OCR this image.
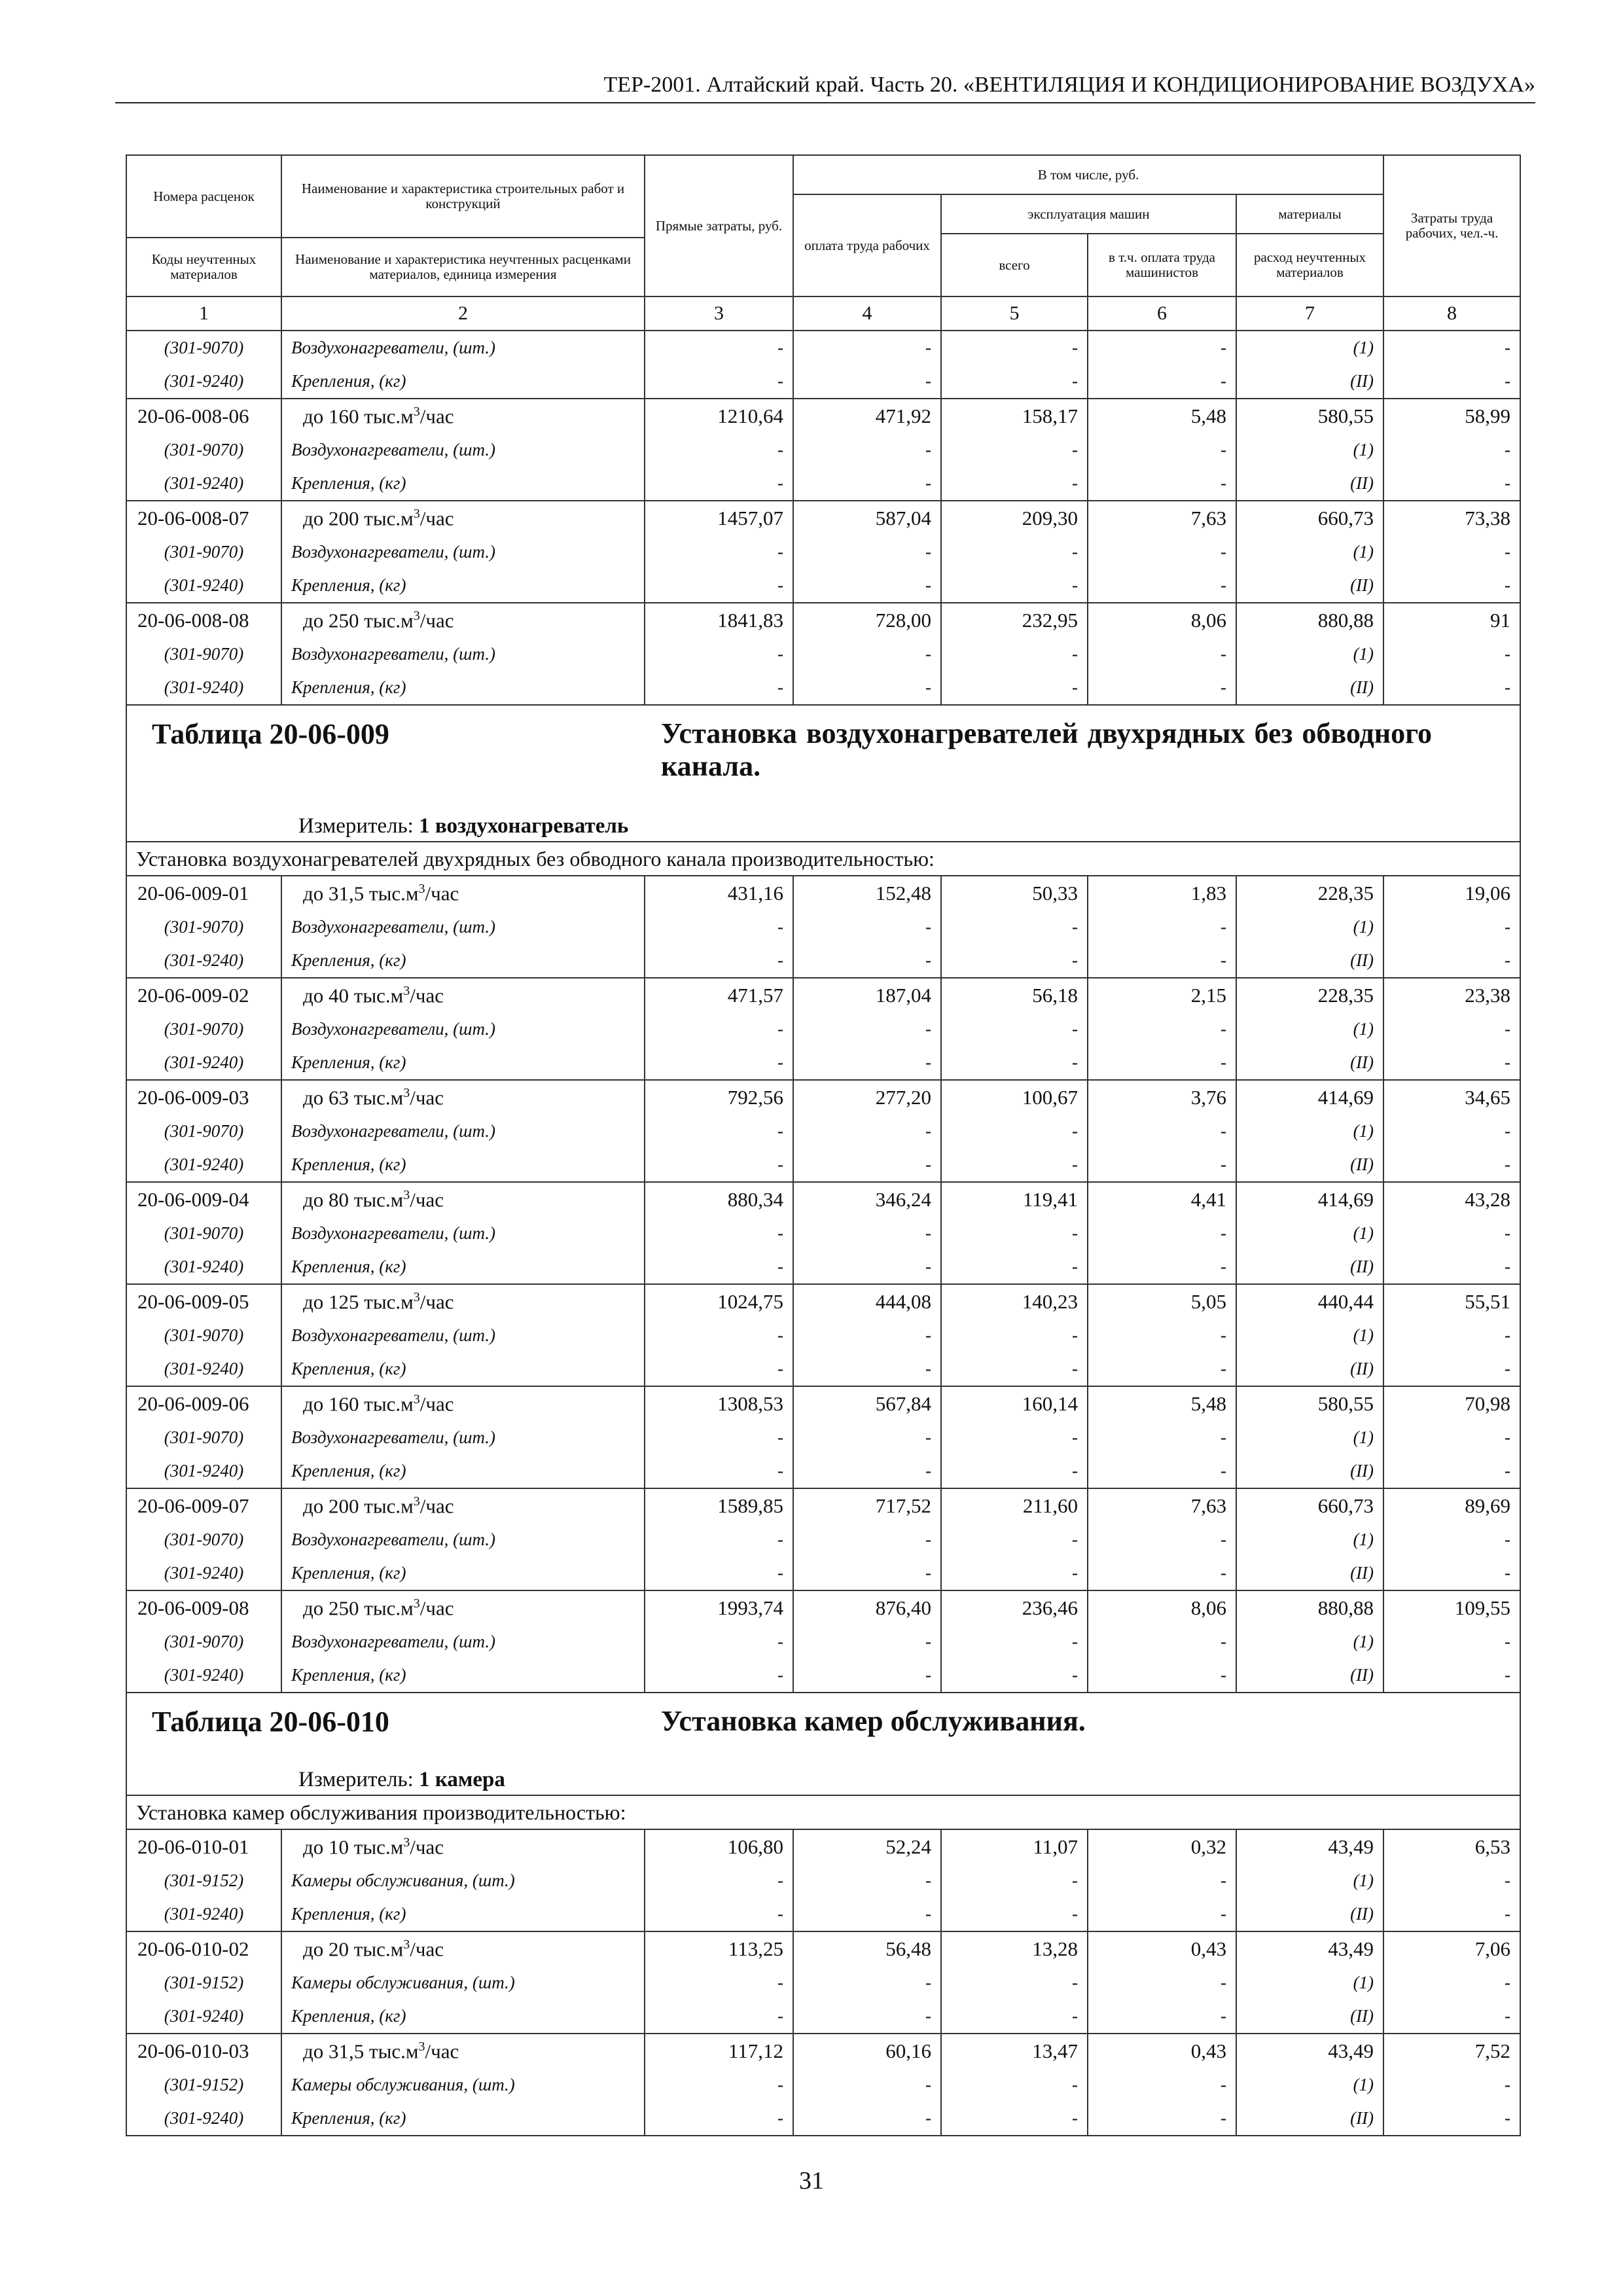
ТЕР-2001. Алтайский край. Часть 20. «ВЕНТИЛЯЦИЯ И КОНДИЦИОНИРОВАНИЕ ВОЗДУХА»
Номера расценок	Наименование и характеристика строительных работ и конструкций	Прямые затраты, руб.	В том числе, руб.				Затраты труда рабочих, чел.-ч.
			оплата труда рабочих	эксплуатация машин		материалы	
				всего	в т.ч. оплата труда машинистов	расход неучтенных материалов	
Коды неучтенных материалов	Наименование и характеристика неучтенных расценками материалов, единица измерения						
1	2	3	4	5	6	7	8
(301-9070)	Воздухонагреватели, (шт.)	-	-	-	-	(1)	-
(301-9240)	Крепления, (кг)	-	-	-	-	(II)	-
20-06-008-06	до 160 $тыс.м^3$/час	1210,64	471,92	158,17	5,48	580,55	58,99
(301-9070)	Воздухонагреватели, (шт.)	-	-	-	-	(1)	-
(301-9240)	Крепления, (кг)	-	-	-	-	(II)	-
20-06-008-07	до 200 $тыс.м^3$/час	1457,07	587,04	209,30	7,63	660,73	73,38
(301-9070)	Воздухонагреватели, (шт.)	-	-	-	-	(1)	-
(301-9240)	Крепления, (кг)	-	-	-	-	(II)	-
20-06-008-08	до 250 $тыс.м^3$/час	1841,83	728,00	232,95	8,06	880,88	91
(301-9070)	Воздухонагреватели, (шт.)	-	-	-	-	(1)	-
(301-9240)	Крепления, (кг)	-	-	-	-	(II)	-

Таблица 20-06-009 Установка воздухонагревателей двухрядных без обводного канала.
Измеритель: 1 воздухонагреватель							

Установка воздухонагревателей двухрядных без обводного канала производительностью:							
20-06-009-01	до 31,5 $тыс.м^3$/час	431,16	152,48	50,33	1,83	228,35	19,06
(301-9070)	Воздухонагреватели, (шт.)	-	-	-	-	(1)	-
(301-9240)	Крепления, (кг)	-	-	-	-	(II)	-
20-06-009-02	до 40 $тыс.м^3$/час	471,57	187,04	56,18	2,15	228,35	23,38
(301-9070)	Воздухонагреватели, (шт.)	-	-	-	-	(1)	-
(301-9240)	Крепления, (кг)	-	-	-	-	(II)	-
20-06-009-03	до 63 $тыс.м^3$/час	792,56	277,20	100,67	3,76	414,69	34,65
(301-9070)	Воздухонагреватели, (шт.)	-	-	-	-	(1)	-
(301-9240)	Крепления, (кг)	-	-	-	-	(II)	-
20-06-009-04	до 80 $тыс.м^3$/час	880,34	346,24	119,41	4,41	414,69	43,28
(301-9070)	Воздухонагреватели, (шт.)	-	-	-	-	(1)	-
(301-9240)	Крепления, (кг)	-	-	-	-	(II)	-
20-06-009-05	до 125 $тыс.м^3$/час	1024,75	444,08	140,23	5,05	440,44	55,51
(301-9070)	Воздухонагреватели, (шт.)	-	-	-	-	(1)	-
(301-9240)	Крепления, (кг)	-	-	-	-	(II)	-
20-06-009-06	до 160 $тыс.м^3$/час	1308,53	567,84	160,14	5,48	580,55	70,98
(301-9070)	Воздухонагреватели, (шт.)	-	-	-	-	(1)	-
(301-9240)	Крепления, (кг)	-	-	-	-	(II)	-
20-06-009-07	до 200 $тыс.м^3$/час	1589,85	717,52	211,60	7,63	660,73	89,69
(301-9070)	Воздухонагреватели, (шт.)	-	-	-	-	(1)	-
(301-9240)	Крепления, (кг)	-	-	-	-	(II)	-
20-06-009-08	до 250 $тыс.м^3$/час	1993,74	876,40	236,46	8,06	880,88	109,55
(301-9070)	Воздухонагреватели, (шт.)	-	-	-	-	(1)	-
(301-9240)	Крепления, (кг)	-	-	-	-	(II)	-

Таблица 20-06-010 Установка камер обслуживания.
Измеритель: 1 камера							

Установка камер обслуживания производительностью:							
20-06-010-01	до 10 $тыс.м^3$/час	106,80	52,24	11,07	0,32	43,49	6,53
(301-9152)	Камеры обслуживания, (шт.)	-	-	-	-	(1)	-
(301-9240)	Крепления, (кг)	-	-	-	-	(II)	-
20-06-010-02	до 20 $тыс.м^3$/час	113,25	56,48	13,28	0,43	43,49	7,06
(301-9152)	Камеры обслуживания, (шт.)	-	-	-	-	(1)	-
(301-9240)	Крепления, (кг)	-	-	-	-	(II)	-
20-06-010-03	до 31,5 $тыс.м^3$/час	117,12	60,16	13,47	0,43	43,49	7,52
(301-9152)	Камеры обслуживания, (шт.)	-	-	-	-	(1)	-
(301-9240)	Крепления, (кг)	-	-	-	-	(II)	-
31
